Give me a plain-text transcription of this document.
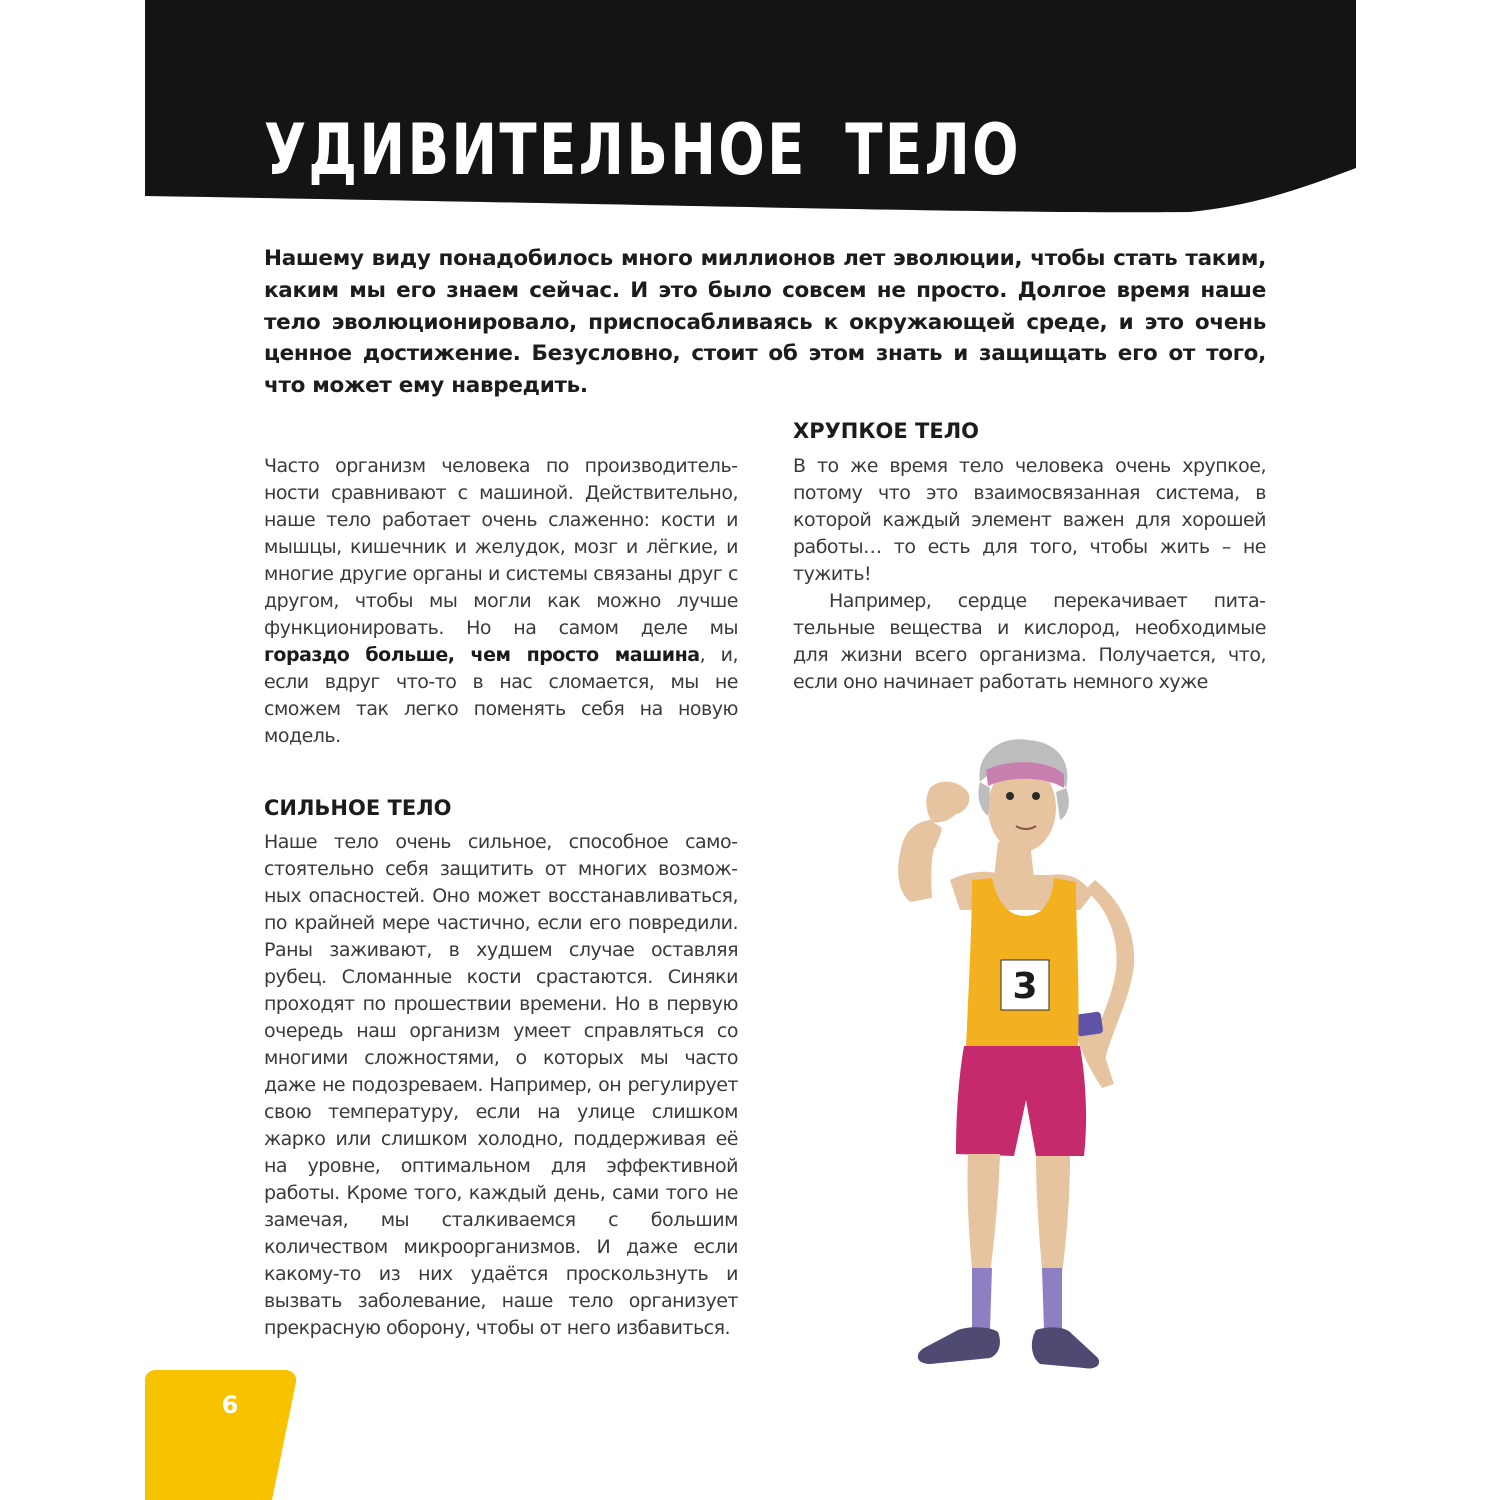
УДИВИТЕЛЬНОЕ ТЕЛО

Нашему виду понадобилось много миллионов лет эволюции, чтобы стать таким, каким мы его знаем сейчас. И это было совсем не просто. Долгое время наше тело эволюционировало, приспосабливаясь к окружающей среде, и это очень ценное достижение. Безусловно, стоит об этом знать и защищать его от того, что может ему навредить.

Часто организм человека по производительности сравнивают с машиной. Действительно, наше тело работает очень слаженно: кости и мышцы, кишечник и желудок, мозг и лёгкие, и многие другие органы и системы связаны друг с другом, чтобы мы могли как можно лучше функционировать. Но на самом деле мы гораздо больше, чем просто машина, и, если вдруг что-то в нас сломается, мы не сможем так легко поменять себя на новую модель.

СИЛЬНОЕ ТЕЛО

Наше тело очень сильное, способное самостоятельно себя защитить от многих возможных опасностей. Оно может восстанавливаться, по крайней мере частично, если его повредили. Раны заживают, в худшем случае оставляя рубец. Сломанные кости срастаются. Синяки проходят по прошествии времени. Но в первую очередь наш организм умеет справляться со многими сложностями, о которых мы часто даже не подозреваем. Например, он регулирует свою температуру, если на улице слишком жарко или слишком холодно, поддерживая её на уровне, оптимальном для эффективной работы. Кроме того, каждый день, сами того не замечая, мы сталкиваемся с большим количеством микроорганизмов. И даже если какому-то из них удаётся проскользнуть и вызвать заболевание, наше тело организует прекрасную оборону, чтобы от него избавиться.

ХРУПКОЕ ТЕЛО

В то же время тело человека очень хрупкое, потому что это взаимосвязанная система, в которой каждый элемент важен для хорошей работы… то есть для того, чтобы жить – не тужить!

Например, сердце перекачивает питательные вещества и кислород, необходимые для жизни всего организма. Получается, что, если оно начинает работать немного хуже

3
6
